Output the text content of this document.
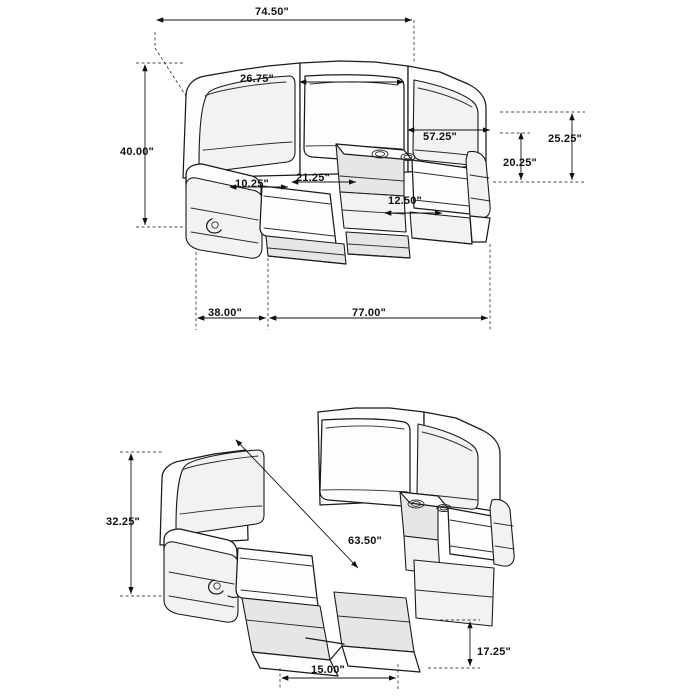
74.50"
26.75"
57.25"
40.00"
25.25"
20.25"
10.25" 21.25"
12.50"
38.00"	77.00"
32.25"
63.50"
15.00"
17.25"
